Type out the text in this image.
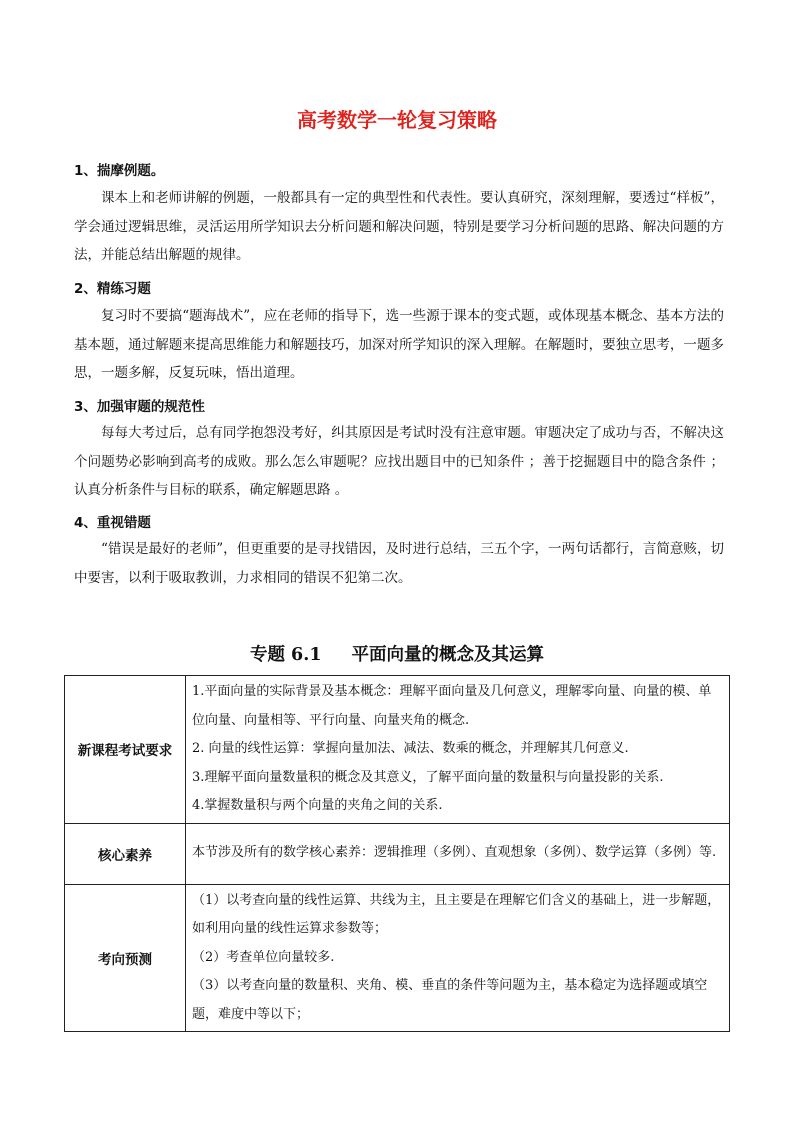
高考数学一轮复习策略
1、揣摩例题。

课本上和老师讲解的例题，一般都具有一定的典型性和代表性。要认真研究，深刻理解，要透过“样板”，学会通过逻辑思维，灵活运用所学知识去分析问题和解决问题，特别是要学习分析问题的思路、解决问题的方法，并能总结出解题的规律。

2、精练习题

复习时不要搞“题海战术”，应在老师的指导下，选一些源于课本的变式题，或体现基本概念、基本方法的基本题，通过解题来提高思维能力和解题技巧，加深对所学知识的深入理解。在解题时，要独立思考，一题多思，一题多解，反复玩味，悟出道理。

3、加强审题的规范性

每每大考过后，总有同学抱怨没考好，纠其原因是考试时没有注意审题。审题决定了成功与否，不解决这个问题势必影响到高考的成败。那么怎么审题呢？应找出题目中的已知条件 ；善于挖掘题目中的隐含条件 ；认真分析条件与目标的联系，确定解题思路 。

4、重视错题

“错误是最好的老师”，但更重要的是寻找错因，及时进行总结，三五个字，一两句话都行，言简意赅，切中要害，以利于吸取教训，力求相同的错误不犯第二次。

专题 6.1 平面向量的概念及其运算
新课程考试要求	1.平面向量的实际背景及基本概念：理解平面向量及几何意义，理解零向量、向量的模、单位向量、向量相等、平行向量、向量夹角的概念.
2. 向量的线性运算：掌握向量加法、减法、数乘的概念，并理解其几何意义.
3.理解平面向量数量积的概念及其意义，了解平面向量的数量积与向量投影的关系.
4.掌握数量积与两个向量的夹角之间的关系.

核心素养	本节涉及所有的数学核心素养：逻辑推理（多例）、直观想象（多例）、数学运算（多例）等.

考向预测	（1）以考查向量的线性运算、共线为主，且主要是在理解它们含义的基础上，进一步解题，如利用向量的线性运算求参数等；
（2）考查单位向量较多.
（3）以考查向量的数量积、夹角、模、垂直的条件等问题为主，基本稳定为选择题或填空题，难度中等以下；
